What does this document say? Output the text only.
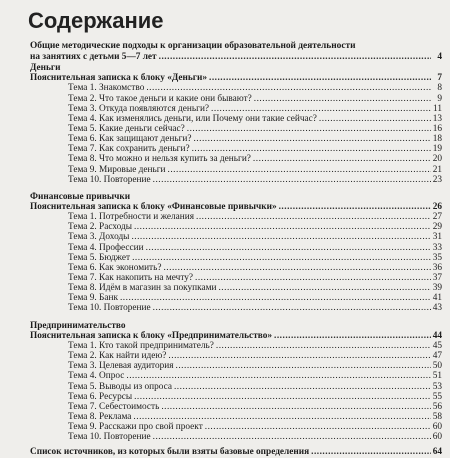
Содержание
Общие методические подходы к организации образовательной деятельности
на занятиях с детьми 5—7 лет .....	4
Деньги
Пояснительная записка к блоку «Деньги» .....	7
Тема 1. Знакомство .....	8
Тема 2. Что такое деньги и какие они бывают? .....	9
Тема 3. Откуда появляются деньги? .....	11
Тема 4. Как изменялись деньги, или Почему они такие сейчас? .....	13
Тема 5. Какие деньги сейчас? .....	16
Тема 6. Как защищают деньги? .....	18
Тема 7. Как сохранить деньги? .....	19
Тема 8. Что можно и нельзя купить за деньги? .....	20
Тема 9. Мировые деньги .....	21
Тема 10. Повторение .....	23
Финансовые привычки
Пояснительная записка к блоку «Финансовые привычки» .....	26
Тема 1. Потребности и желания .....	27
Тема 2. Расходы .....	29
Тема 3. Доходы .....	31
Тема 4. Профессии .....	33
Тема 5. Бюджет .....	35
Тема 6. Как экономить? .....	36
Тема 7. Как накопить на мечту? .....	37
Тема 8. Идём в магазин за покупками .....	39
Тема 9. Банк .....	41
Тема 10. Повторение .....	43
Предпринимательство
Пояснительная записка к блоку «Предпринимательство» .....	44
Тема 1. Кто такой предприниматель? .....	45
Тема 2. Как найти идею? .....	47
Тема 3. Целевая аудитория .....	50
Тема 4. Опрос .....	51
Тема 5. Выводы из опроса .....	53
Тема 6. Ресурсы .....	55
Тема 7. Себестоимость .....	56
Тема 8. Реклама .....	58
Тема 9. Расскажи про свой проект .....	60
Тема 10. Повторение .....	60
Список источников, из которых были взяты базовые определения .....	64
